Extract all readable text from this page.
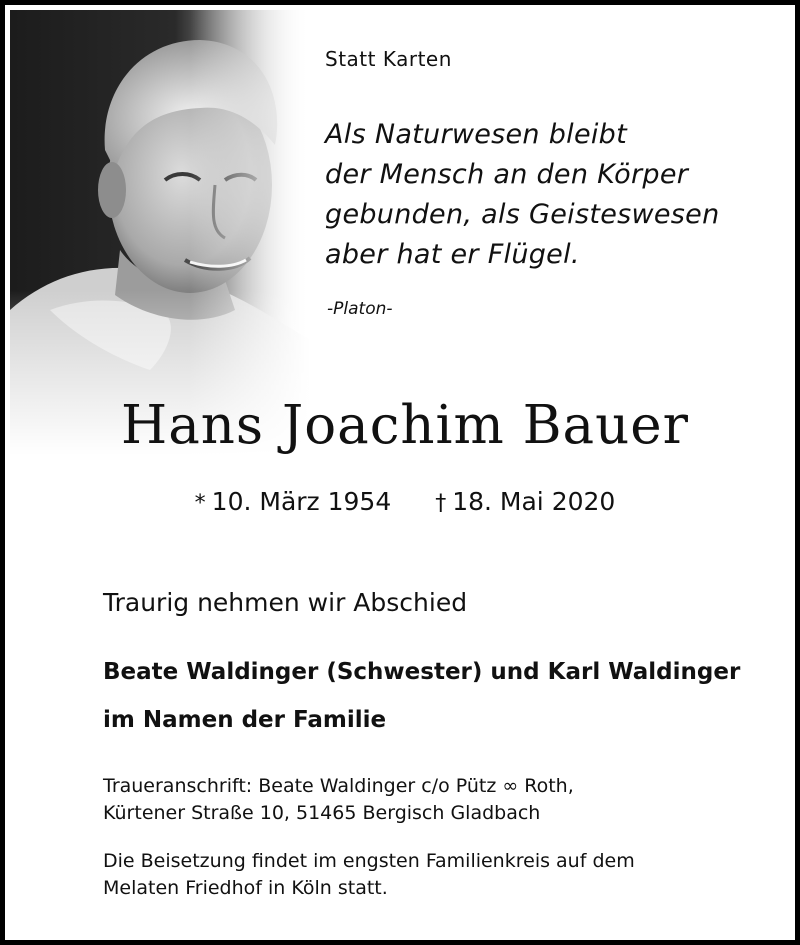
Statt Karten
Als Naturwesen bleibt
der Mensch an den Körper
gebunden, als Geisteswesen
aber hat er Flügel.
-Platon-
Hans Joachim Bauer
* 10. März 1954 † 18. Mai 2020
Traurig nehmen wir Abschied
Beate Waldinger (Schwester) und Karl Waldinger
im Namen der Familie
Traueranschrift: Beate Waldinger c/o Pütz ∞ Roth,
Kürtener Straße 10, 51465 Bergisch Gladbach
Die Beisetzung findet im engsten Familienkreis auf dem
Melaten Friedhof in Köln statt.
